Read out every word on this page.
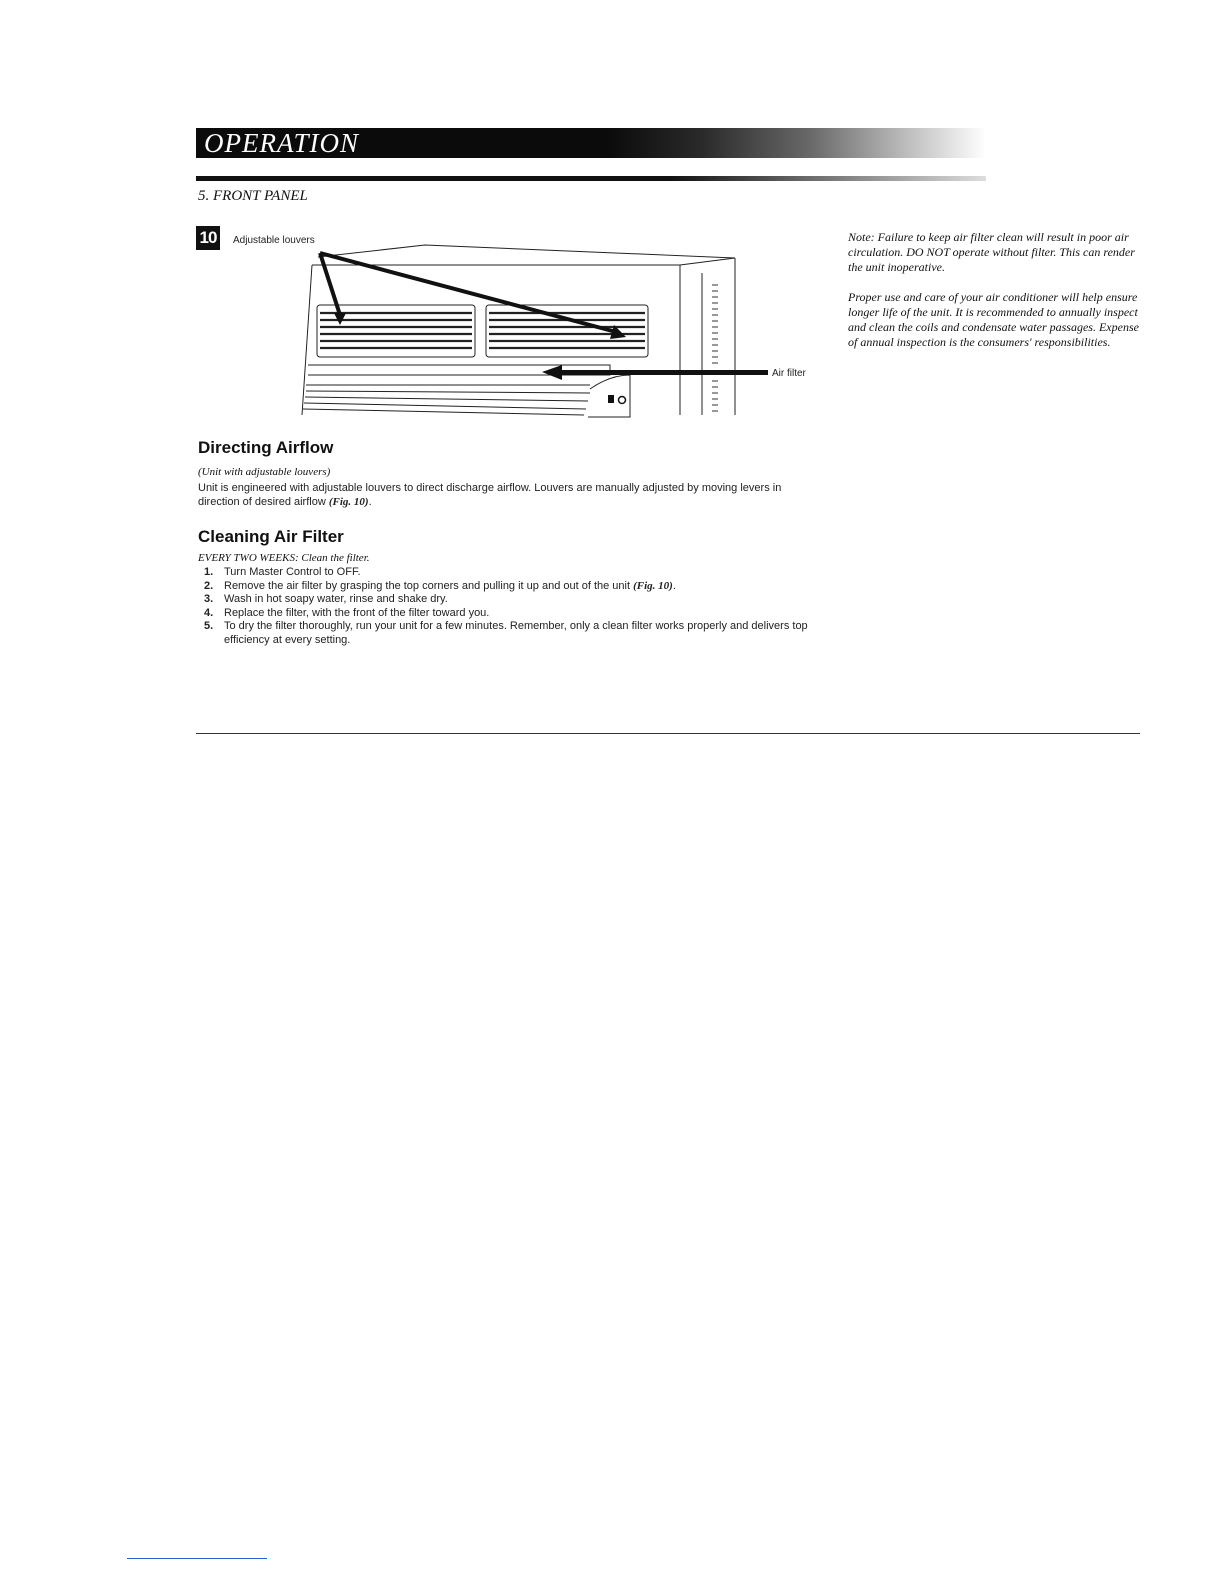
OPERATION
5. FRONT PANEL
10	Adjustable louvers
Air filter

Note: Failure to keep air filter clean will result in poor air circulation. DO NOT operate without filter. This can render the unit inoperative.

Proper use and care of your air conditioner will help ensure longer life of the unit. It is recommended to annually inspect and clean the coils and condensate water passages. Expense of annual inspection is the consumers' responsibilities.

Directing Airflow
(Unit with adjustable louvers)
Unit is engineered with adjustable louvers to direct discharge airflow. Louvers are manually adjusted by moving levers in direction of desired airflow (Fig. 10).
Cleaning Air Filter
EVERY TWO WEEKS: Clean the filter.
1. Turn Master Control to OFF.
2. Remove the air filter by grasping the top corners and pulling it up and out of the unit (Fig. 10).
3. Wash in hot soapy water, rinse and shake dry.
4. Replace the filter, with the front of the filter toward you.
5. To dry the filter thoroughly, run your unit for a few minutes. Remember, only a clean filter works properly and delivers top efficiency at every setting.
